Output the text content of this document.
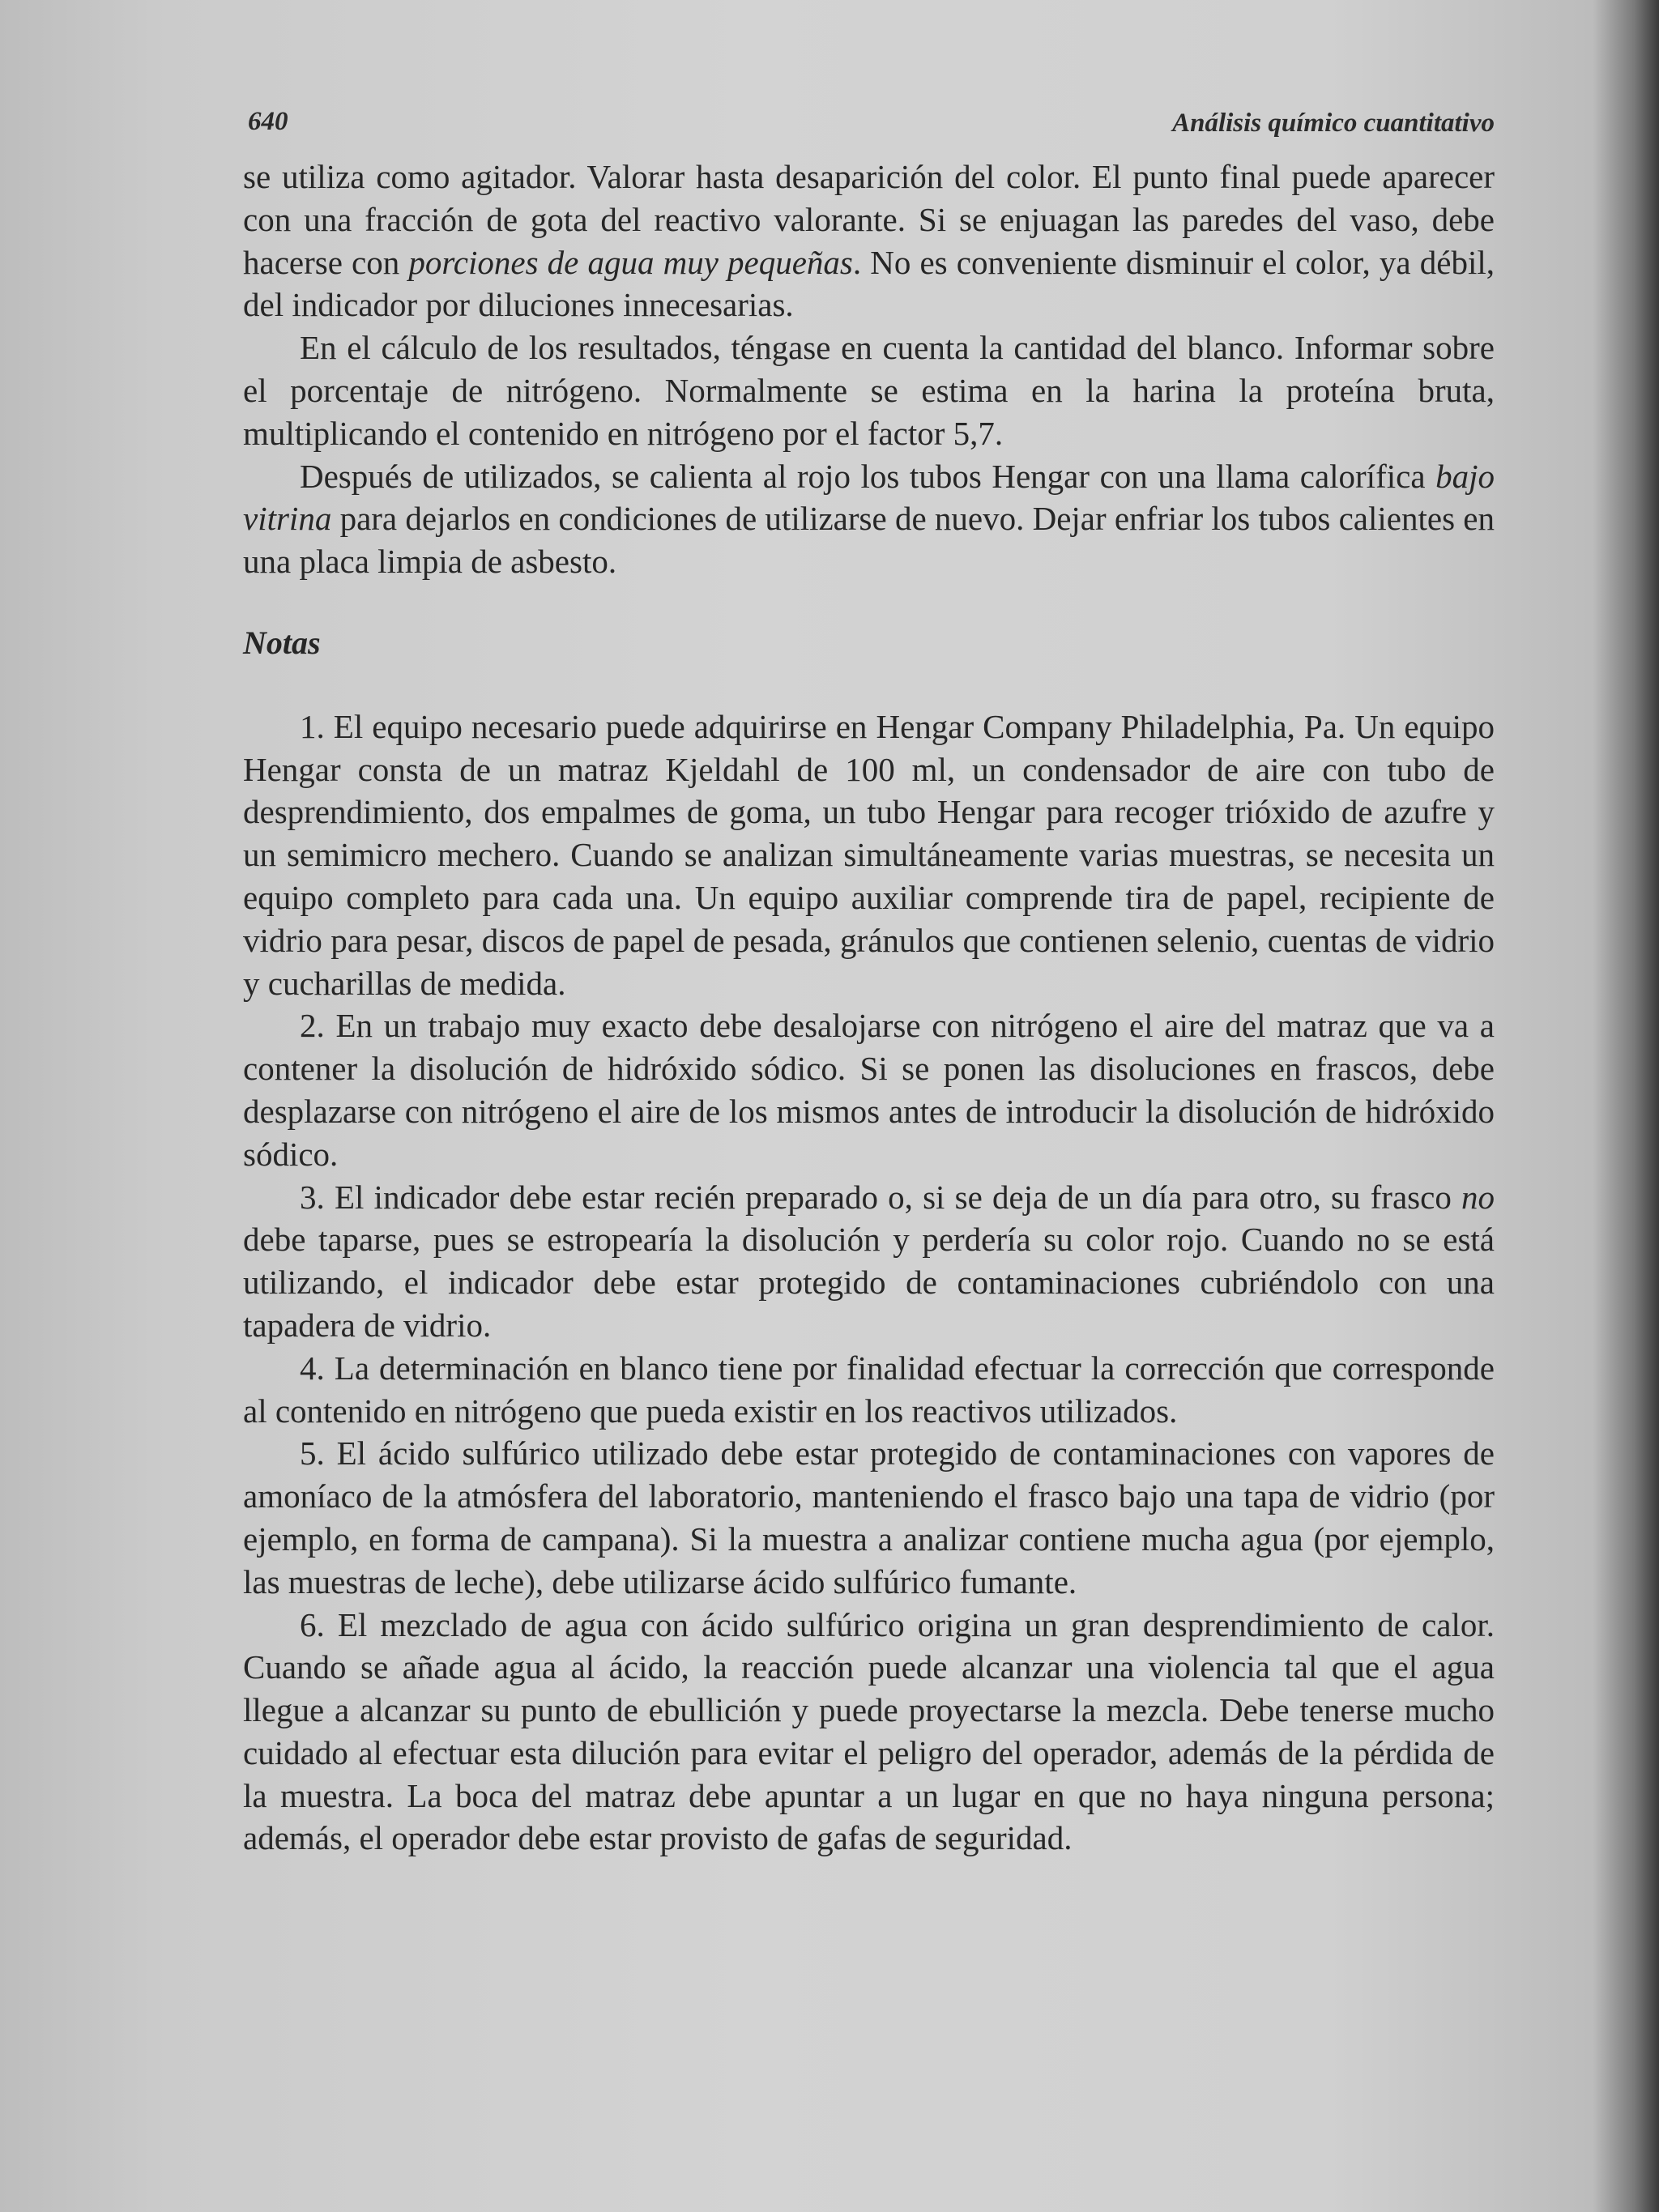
640	Análisis químico cuantitativo

se utiliza como agitador. Valorar hasta desaparición del color. El punto final puede aparecer con una fracción de gota del reactivo valorante. Si se enjuagan las paredes del vaso, debe hacerse con porciones de agua muy pequeñas. No es conveniente disminuir el color, ya débil, del indicador por diluciones innecesarias.

En el cálculo de los resultados, téngase en cuenta la cantidad del blanco. Informar sobre el porcentaje de nitrógeno. Normalmente se estima en la harina la proteína bruta, multiplicando el contenido en nitrógeno por el factor 5,7.

Después de utilizados, se calienta al rojo los tubos Hengar con una llama calorífica bajo vitrina para dejarlos en condiciones de utilizarse de nuevo. Dejar enfriar los tubos calientes en una placa limpia de asbesto.

Notas

1. El equipo necesario puede adquirirse en Hengar Company Philadelphia, Pa. Un equipo Hengar consta de un matraz Kjeldahl de 100 ml, un condensador de aire con tubo de desprendimiento, dos empalmes de goma, un tubo Hengar para recoger trióxido de azufre y un semimicro mechero. Cuando se analizan simultáneamente varias muestras, se necesita un equipo completo para cada una. Un equipo auxiliar comprende tira de papel, recipiente de vidrio para pesar, discos de papel de pesada, gránulos que contienen selenio, cuentas de vidrio y cucharillas de medida.

2. En un trabajo muy exacto debe desalojarse con nitrógeno el aire del matraz que va a contener la disolución de hidróxido sódico. Si se ponen las disoluciones en frascos, debe desplazarse con nitrógeno el aire de los mismos antes de introducir la disolución de hidróxido sódico.

3. El indicador debe estar recién preparado o, si se deja de un día para otro, su frasco no debe taparse, pues se estropearía la disolución y perdería su color rojo. Cuando no se está utilizando, el indicador debe estar protegido de contaminaciones cubriéndolo con una tapadera de vidrio.

4. La determinación en blanco tiene por finalidad efectuar la corrección que corresponde al contenido en nitrógeno que pueda existir en los reactivos utilizados.

5. El ácido sulfúrico utilizado debe estar protegido de contaminaciones con vapores de amoníaco de la atmósfera del laboratorio, manteniendo el frasco bajo una tapa de vidrio (por ejemplo, en forma de campana). Si la muestra a analizar contiene mucha agua (por ejemplo, las muestras de leche), debe utilizarse ácido sulfúrico fumante.

6. El mezclado de agua con ácido sulfúrico origina un gran desprendimiento de calor. Cuando se añade agua al ácido, la reacción puede alcanzar una violencia tal que el agua llegue a alcanzar su punto de ebullición y puede proyectarse la mezcla. Debe tenerse mucho cuidado al efectuar esta dilución para evitar el peligro del operador, además de la pérdida de la muestra. La boca del matraz debe apuntar a un lugar en que no haya ninguna persona; además, el operador debe estar provisto de gafas de seguridad.
